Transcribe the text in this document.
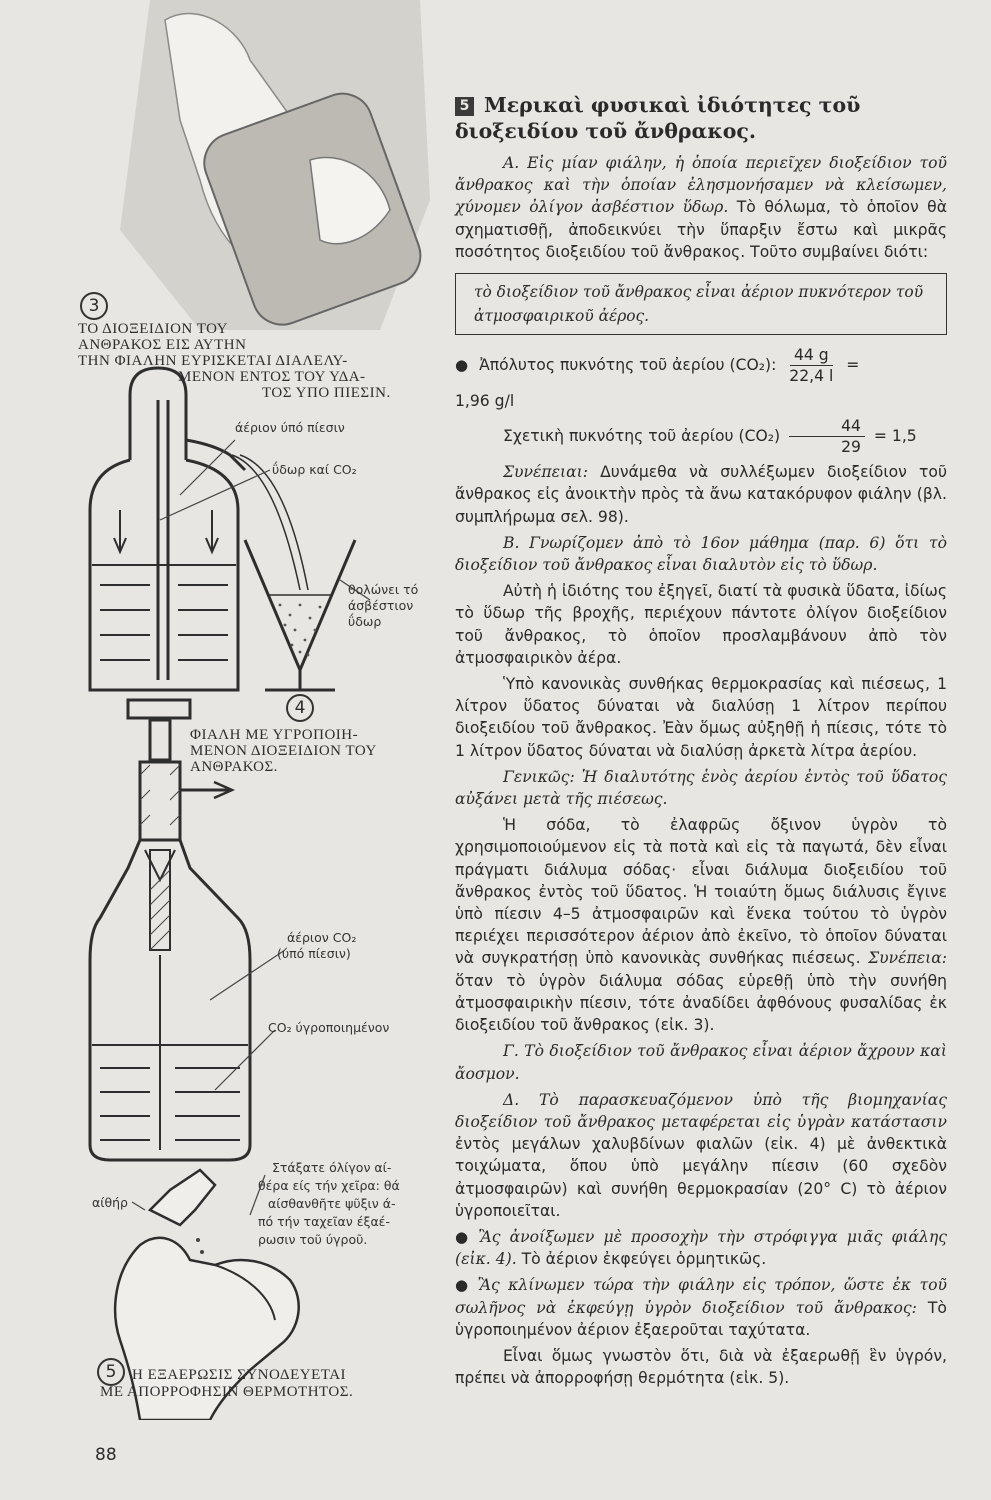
3
4
5
ΤΟ ΔΙΟΞΕΙΔΙΟΝ ΤΟΥ
ΑΝΘΡΑΚΟΣ ΕΙΣ ΑΥΤΗΝ
ΤΗΝ ΦΙΑΛΗΝ ΕΥΡΙΣΚΕΤΑΙ ΔΙΑΛΕΛΥ-
ΜΕΝΟΝ ΕΝΤΟΣ ΤΟΥ ΥΔΑ-
ΤΟΣ ΥΠΟ ΠΙΕΣΙΝ.
άέριον ύπό πίεσιν
ΰδωρ καί CO₂
θολώνει τό
άσβέστιον
ΰδωρ
ΦΙΑΛΗ ΜΕ ΥΓΡΟΠΟΙΗ-
ΜΕΝΟΝ ΔΙΟΞΕΙΔΙΟΝ ΤΟΥ
ΑΝΘΡΑΚΟΣ.
άέριον CO₂
(ύπό πίεσιν)
CO₂ ύγροποιημένον
αίθήρ
Στάξατε όλίγον αί-
θέρα είς τήν χεῖρα: θά
αίσθανθῆτε ψῦξιν ά-
πό τήν ταχεῖαν έξαέ-
ρωσιν τοῦ ύγροῦ.
Η ΕΞΑΕΡΩΣΙΣ ΣΥΝΟΔΕΥΕΤΑΙ
ΜΕ ΑΠΟΡΡΟΦΗΣΙΝ ΘΕΡΜΟΤΗΤΟΣ.
5 Μερικαὶ φυσικαὶ ἰδιότητες τοῦ διοξειδίου τοῦ ἄνθρακος.

Α. Εἰς μίαν φιάλην, ἡ ὁποία περιεῖχεν διοξείδιον τοῦ ἄνθρακος καὶ τὴν ὁποίαν ἐλησμονήσαμεν νὰ κλείσωμεν, χύνομεν ὀλίγον ἀσβέστιον ὕδωρ. Τὸ θόλωμα, τὸ ὁποῖον θὰ σχηματισθῇ, ἀποδεικνύει τὴν ὕπαρξιν ἔστω καὶ μικρᾶς ποσότητος διοξειδίου τοῦ ἄνθρακος. Τοῦτο συμβαίνει διότι:

τὸ διοξείδιον τοῦ ἄνθρακος εἶναι ἀέριον πυκνότερον τοῦ ἀτμοσφαιρικοῦ ἀέρος.

● Ἀπόλυτος πυκνότης τοῦ ἀερίου (CO₂): $\frac{44 g}{22,4 l}$ =

1,96 g/l

Σχετικὴ πυκνότης τοῦ ἀερίου $(CO_2) \frac{44}{29} = 1,5$

Συνέπειαι: Δυνάμεθα νὰ συλλέξωμεν διοξείδιον τοῦ ἄνθρακος εἰς ἀνοικτὴν πρὸς τὰ ἄνω κατακόρυφον φιάλην (βλ. συμπλήρωμα σελ. 98).

Β. Γνωρίζομεν ἀπὸ τὸ 16ον μάθημα (παρ. 6) ὅτι τὸ διοξείδιον τοῦ ἄνθρακος εἶναι διαλυτὸν εἰς τὸ ὕδωρ.

Αὐτὴ ἡ ἰδιότης του ἐξηγεῖ, διατί τὰ φυσικὰ ὕδατα, ἰδίως τὸ ὕδωρ τῆς βροχῆς, περιέχουν πάντοτε ὀλίγον διοξείδιον τοῦ ἄνθρακος, τὸ ὁποῖον προσλαμβάνουν ἀπὸ τὸν ἀτμοσφαιρικὸν ἀέρα.

Ὑπὸ κανονικὰς συνθήκας θερμοκρασίας καὶ πιέσεως, 1 λίτρον ὕδατος δύναται νὰ διαλύσῃ 1 λίτρον περίπου διοξειδίου τοῦ ἄνθρακος. Ἐὰν ὅμως αὐξηθῇ ἡ πίεσις, τότε τὸ 1 λίτρον ὕδατος δύναται νὰ διαλύσῃ ἀρκετὰ λίτρα ἀερίου.

Γενικῶς: Ἡ διαλυτότης ἑνὸς ἀερίου ἐντὸς τοῦ ὕδατος αὐξάνει μετὰ τῆς πιέσεως.

Ἡ σόδα, τὸ ἐλαφρῶς ὄξινον ὑγρὸν τὸ χρησιμοποιούμενον εἰς τὰ ποτὰ καὶ εἰς τὰ παγωτά, δὲν εἶναι πράγματι διάλυμα σόδας· εἶναι διάλυμα διοξειδίου τοῦ ἄνθρακος ἐντὸς τοῦ ὕδατος. Ἡ τοιαύτη ὅμως διάλυσις ἔγινε ὑπὸ πίεσιν 4–5 ἀτμοσφαιρῶν καὶ ἕνεκα τούτου τὸ ὑγρὸν περιέχει περισσότερον ἀέριον ἀπὸ ἐκεῖνο, τὸ ὁποῖον δύναται νὰ συγκρατήσῃ ὑπὸ κανονικὰς συνθήκας πιέσεως. Συνέπεια: ὅταν τὸ ὑγρὸν διάλυμα σόδας εὑρεθῇ ὑπὸ τὴν συνήθη ἀτμοσφαιρικὴν πίεσιν, τότε ἀναδίδει ἀφθόνους φυσαλίδας ἐκ διοξειδίου τοῦ ἄνθρακος (εἰκ. 3).

Γ. Τὸ διοξείδιον τοῦ ἄνθρακος εἶναι ἀέριον ἄχρουν καὶ ἄοσμον.

Δ. Τὸ παρασκευαζόμενον ὑπὸ τῆς βιομηχανίας διοξείδιον τοῦ ἄνθρακος μεταφέρεται εἰς ὑγρὰν κατάστασιν ἐντὸς μεγάλων χαλυβδίνων φιαλῶν (εἰκ. 4) μὲ ἀνθεκτικὰ τοιχώματα, ὅπου ὑπὸ μεγάλην πίεσιν (60 σχεδὸν ἀτμοσφαιρῶν) καὶ συνήθη θερμοκρασίαν (20° C) τὸ ἀέριον ὑγροποιεῖται.

● Ἂς ἀνοίξωμεν μὲ προσοχὴν τὴν στρόφιγγα μιᾶς φιάλης (εἰκ. 4). Τὸ ἀέριον ἐκφεύγει ὁρμητικῶς.

● Ἂς κλίνωμεν τώρα τὴν φιάλην εἰς τρόπον, ὥστε ἐκ τοῦ σωλῆνος νὰ ἐκφεύγῃ ὑγρὸν διοξείδιον τοῦ ἄνθρακος: Τὸ ὑγροποιημένον ἀέριον ἐξαεροῦται ταχύτατα.

Εἶναι ὅμως γνωστὸν ὅτι, διὰ νὰ ἐξαερωθῇ ἓν ὑγρόν, πρέπει νὰ ἀπορροφήσῃ θερμότητα (εἰκ. 5).

88
